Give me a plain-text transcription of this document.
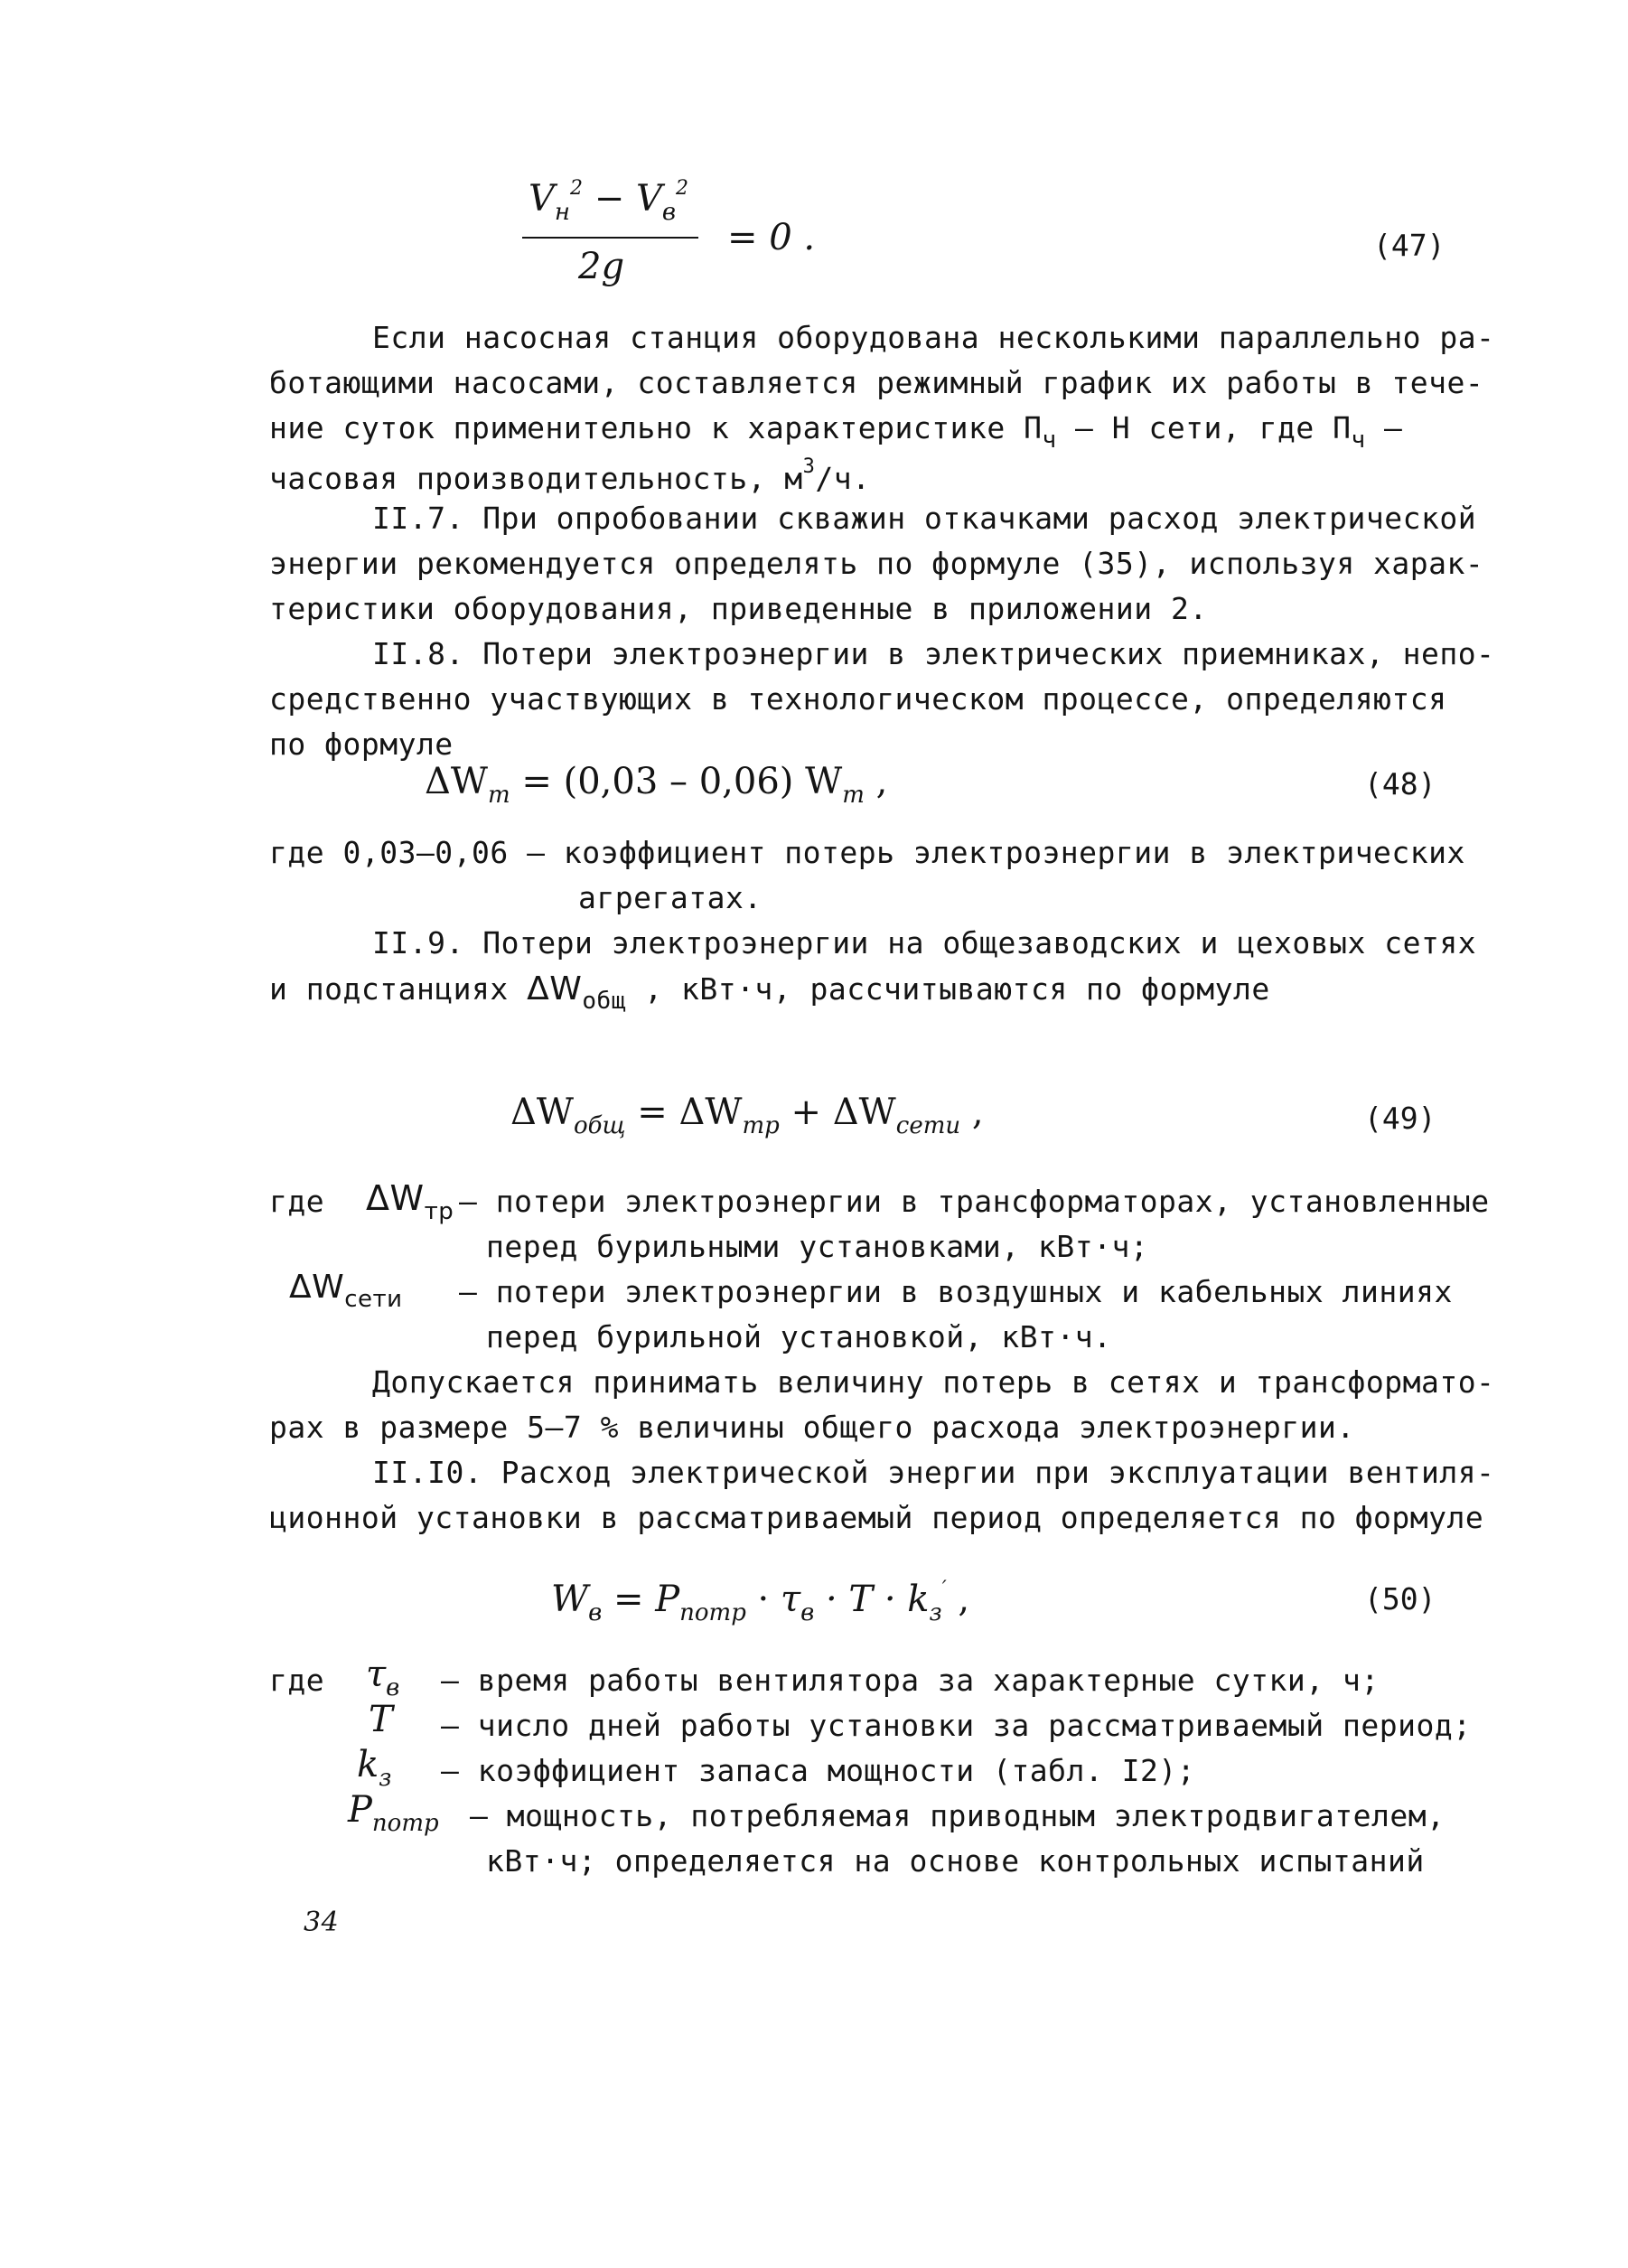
$V_н^2 - V_в^2$
2g
= 0 .	(47)
Если насосная станция оборудована несколькими параллельно ра-
ботающими насосами, составляется режимный график их работы в тече-
ние суток применительно к характеристике $П_ч$ – Н сети, где $П_ч$ –
часовая производительность, $м^3/ч$.
II.7. При опробовании скважин откачками расход электрической
энергии рекомендуется определять по формуле (35), используя харак-
теристики оборудования, приведенные в приложении 2.
II.8. Потери электроэнергии в электрических приемниках, непо-
средственно участвующих в технологическом процессе, определяются
по формуле
$\Delta W_т = (0,03 - 0,06)$ $W_т$ ,	(48)
где 0,03–0,06 – коэффициент потерь электроэнергии в электрических
агрегатах.
II.9. Потери электроэнергии на общезаводских и цеховых сетях
и подстанциях $\Delta W_{общ}$ , кВт·ч, рассчитываются по формуле
$\Delta W_{общ} = \Delta W_{тр} + \Delta W_{сети}$ ,	(49)
где $\Delta W_{тр}$ – потери электроэнергии в трансформаторах, установленные
перед бурильными установками, кВт·ч;
$\Delta W_{сети}$ – потери электроэнергии в воздушных и кабельных линиях
перед бурильной установкой, кВт·ч.
Допускается принимать величину потерь в сетях и трансформато-
рах в размере 5–7 % величины общего расхода электроэнергии.
II.I0. Расход электрической энергии при эксплуатации вентиля-
ционной установки в рассматриваемый период определяется по формуле
$W_в = P_{потр} \cdot \tau_в \cdot T \cdot k_з'$ ,	(50)
где $\tau_в$ – время работы вентилятора за характерные сутки, ч;
T – число дней работы установки за рассматриваемый период;
$k_з$ – коэффициент запаса мощности (табл. I2);
$P_{потр}$ – мощность, потребляемая приводным электродвигателем,
кВт·ч; определяется на основе контрольных испытаний
34
